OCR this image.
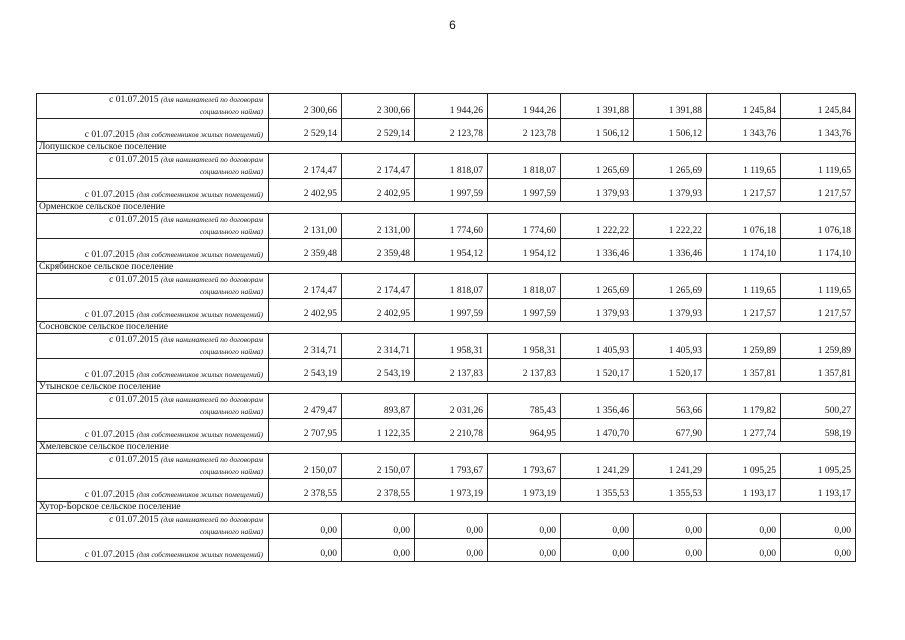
6
с 01.07.2015 (для нанимателей по договорам
социального найма)	2 300,66	2 300,66	1 944,26	1 944,26	1 391,88	1 391,88	1 245,84	1 245,84

с 01.07.2015 (для собственников жилых помещений)	2 529,14	2 529,14	2 123,78	2 123,78	1 506,12	1 506,12	1 343,76	1 343,76
Лопушское сельское поселение								

с 01.07.2015 (для нанимателей по договорам
социального найма)	2 174,47	2 174,47	1 818,07	1 818,07	1 265,69	1 265,69	1 119,65	1 119,65

с 01.07.2015 (для собственников жилых помещений)	2 402,95	2 402,95	1 997,59	1 997,59	1 379,93	1 379,93	1 217,57	1 217,57
Орменское сельское поселение								

с 01.07.2015 (для нанимателей по договорам
социального найма)	2 131,00	2 131,00	1 774,60	1 774,60	1 222,22	1 222,22	1 076,18	1 076,18

с 01.07.2015 (для собственников жилых помещений)	2 359,48	2 359,48	1 954,12	1 954,12	1 336,46	1 336,46	1 174,10	1 174,10
Скрябинское сельское поселение								

с 01.07.2015 (для нанимателей по договорам
социального найма)	2 174,47	2 174,47	1 818,07	1 818,07	1 265,69	1 265,69	1 119,65	1 119,65

с 01.07.2015 (для собственников жилых помещений)	2 402,95	2 402,95	1 997,59	1 997,59	1 379,93	1 379,93	1 217,57	1 217,57
Сосновское сельское поселение								

с 01.07.2015 (для нанимателей по договорам
социального найма)	2 314,71	2 314,71	1 958,31	1 958,31	1 405,93	1 405,93	1 259,89	1 259,89

с 01.07.2015 (для собственников жилых помещений)	2 543,19	2 543,19	2 137,83	2 137,83	1 520,17	1 520,17	1 357,81	1 357,81
Утынское сельское поселение								

с 01.07.2015 (для нанимателей по договорам
социального найма)	2 479,47	893,87	2 031,26	785,43	1 356,46	563,66	1 179,82	500,27

с 01.07.2015 (для собственников жилых помещений)	2 707,95	1 122,35	2 210,78	964,95	1 470,70	677,90	1 277,74	598,19
Хмелевское сельское поселение								

с 01.07.2015 (для нанимателей по договорам
социального найма)	2 150,07	2 150,07	1 793,67	1 793,67	1 241,29	1 241,29	1 095,25	1 095,25

с 01.07.2015 (для собственников жилых помещений)	2 378,55	2 378,55	1 973,19	1 973,19	1 355,53	1 355,53	1 193,17	1 193,17
Хутор-Борское сельское поселение								

с 01.07.2015 (для нанимателей по договорам
социального найма)	0,00	0,00	0,00	0,00	0,00	0,00	0,00	0,00

с 01.07.2015 (для собственников жилых помещений)	0,00	0,00	0,00	0,00	0,00	0,00	0,00	0,00
